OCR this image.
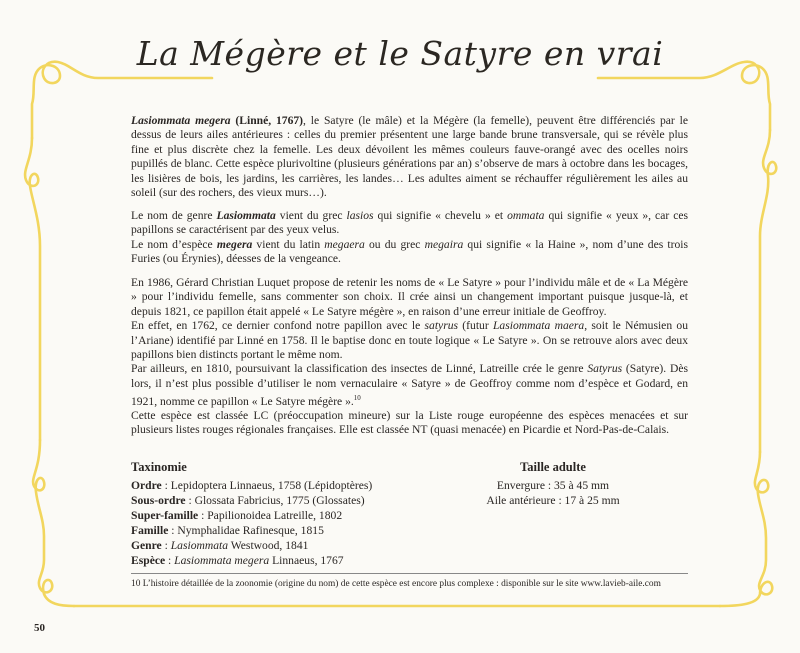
La Mégère et le Satyre en vrai

Lasiommata megera (Linné, 1767), le Satyre (le mâle) et la Mégère (la femelle), peuvent être différenciés par le dessus de leurs ailes antérieures : celles du premier présentent une large bande brune transversale, qui se révèle plus fine et plus discrète chez la femelle. Les deux dévoilent les mêmes couleurs fauve-orangé avec des ocelles noirs pupillés de blanc. Cette espèce plurivoltine (plusieurs générations par an) s’observe de mars à octobre dans les bocages, les lisières de bois, les jardins, les carrières, les landes… Les adultes aiment se réchauffer régulièrement les ailes au soleil (sur des rochers, des vieux murs…).

Le nom de genre Lasiommata vient du grec lasios qui signifie « chevelu » et ommata qui signifie « yeux », car ces papillons se caractérisent par des yeux velus.
Le nom d’espèce megera vient du latin megaera ou du grec megaira qui signifie « la Haine », nom d’une des trois Furies (ou Érynies), déesses de la vengeance.

En 1986, Gérard Christian Luquet propose de retenir les noms de « Le Satyre » pour l’individu mâle et de « La Mégère » pour l’individu femelle, sans commenter son choix. Il crée ainsi un changement important puisque jusque-là, et depuis 1821, ce papillon était appelé « Le Satyre mégère », en raison d’une erreur initiale de Geoffroy.
En effet, en 1762, ce dernier confond notre papillon avec le satyrus (futur Lasiommata maera, soit le Némusien ou l’Ariane) identifié par Linné en 1758. Il le baptise donc en toute logique « Le Satyre ». On se retrouve alors avec deux papillons bien distincts portant le même nom.
Par ailleurs, en 1810, poursuivant la classification des insectes de Linné, Latreille crée le genre Satyrus (Satyre). Dès lors, il n’est plus possible d’utiliser le nom vernaculaire « Satyre » de Geoffroy comme nom d’espèce et Godard, en 1921, nomme ce papillon « Le Satyre mégère ».$^{10}$

Cette espèce est classée LC (préoccupation mineure) sur la Liste rouge européenne des espèces menacées et sur plusieurs listes rouges régionales françaises. Elle est classée NT (quasi menacée) en Picardie et Nord-Pas-de-Calais.

Taxinomie
Ordre : Lepidoptera Linnaeus, 1758 (Lépidoptères)
Sous-ordre : Glossata Fabricius, 1775 (Glossates)
Super-famille : Papilionoidea Latreille, 1802
Famille : Nymphalidae Rafinesque, 1815
Genre : Lasiommata Westwood, 1841
Espèce : Lasiommata megera Linnaeus, 1767
Taille adulte
Envergure : 35 à 45 mm
Aile antérieure : 17 à 25 mm
10 L’histoire détaillée de la zoonomie (origine du nom) de cette espèce est encore plus complexe : disponible sur le site www.lavieb-aile.com
50
